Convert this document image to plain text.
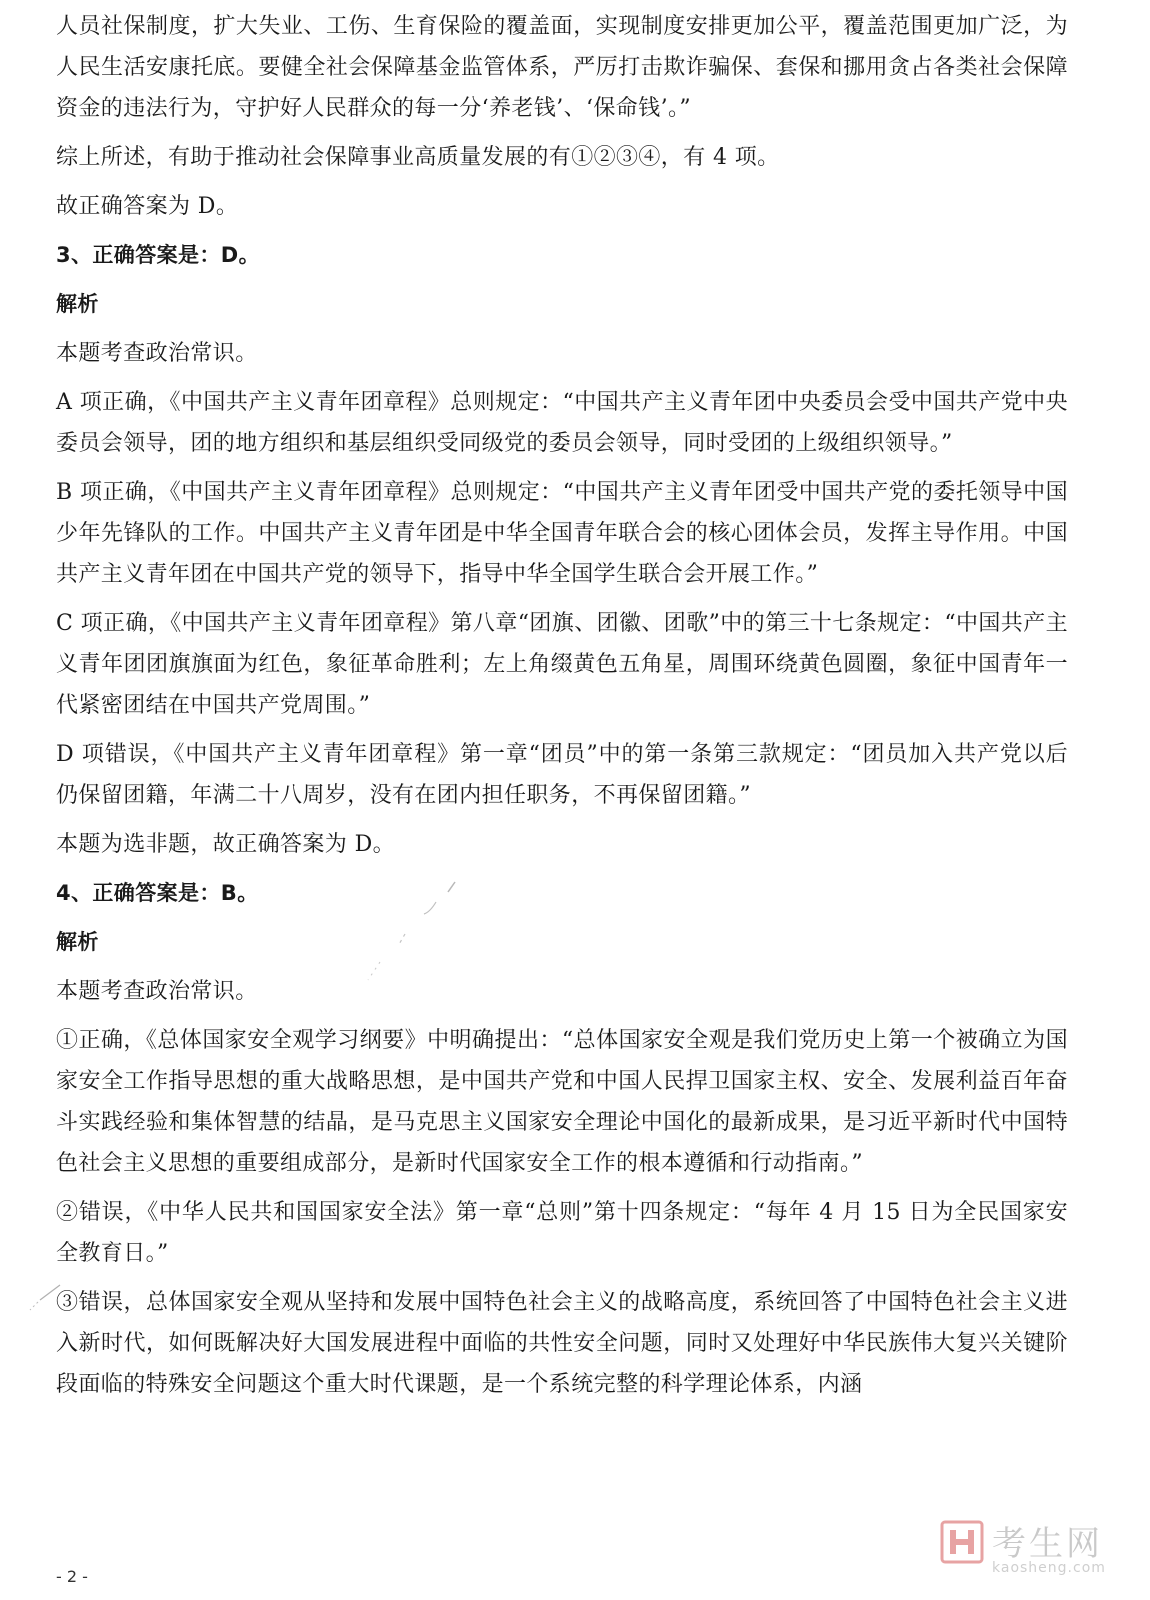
人员社保制度，扩大失业、工伤、生育保险的覆盖面，实现制度安排更加公平，覆盖范围更加广泛，为人民生活安康托底。要健全社会保障基金监管体系，严厉打击欺诈骗保、套保和挪用贪占各类社会保障资金的违法行为，守护好人民群众的每一分‘养老钱’、‘保命钱’。”
综上所述，有助于推动社会保障事业高质量发展的有①②③④，有 4 项。
故正确答案为 D。
3、正确答案是：D。
解析
本题考查政治常识。
A 项正确，《中国共产主义青年团章程》总则规定：“中国共产主义青年团中央委员会受中国共产党中央委员会领导，团的地方组织和基层组织受同级党的委员会领导，同时受团的上级组织领导。”
B 项正确，《中国共产主义青年团章程》总则规定：“中国共产主义青年团受中国共产党的委托领导中国少年先锋队的工作。中国共产主义青年团是中华全国青年联合会的核心团体会员，发挥主导作用。中国共产主义青年团在中国共产党的领导下，指导中华全国学生联合会开展工作。”
C 项正确，《中国共产主义青年团章程》第八章“团旗、团徽、团歌”中的第三十七条规定：“中国共产主义青年团团旗旗面为红色，象征革命胜利；左上角缀黄色五角星，周围环绕黄色圆圈，象征中国青年一代紧密团结在中国共产党周围。”
D 项错误，《中国共产主义青年团章程》第一章“团员”中的第一条第三款规定：“团员加入共产党以后仍保留团籍，年满二十八周岁，没有在团内担任职务，不再保留团籍。”
本题为选非题，故正确答案为 D。
4、正确答案是：B。
解析
本题考查政治常识。
①正确，《总体国家安全观学习纲要》中明确提出：“总体国家安全观是我们党历史上第一个被确立为国家安全工作指导思想的重大战略思想，是中国共产党和中国人民捍卫国家主权、安全、发展利益百年奋斗实践经验和集体智慧的结晶，是马克思主义国家安全理论中国化的最新成果，是习近平新时代中国特色社会主义思想的重要组成部分，是新时代国家安全工作的根本遵循和行动指南。”
②错误，《中华人民共和国国家安全法》第一章“总则”第十四条规定：“每年 4 月 15 日为全民国家安全教育日。”
③错误，总体国家安全观从坚持和发展中国特色社会主义的战略高度，系统回答了中国特色社会主义进入新时代，如何既解决好大国发展进程中面临的共性安全问题，同时又处理好中华民族伟大复兴关键阶段面临的特殊安全问题这个重大时代课题，是一个系统完整的科学理论体系，内涵
- 2 -
考生网
kaosheng.com
